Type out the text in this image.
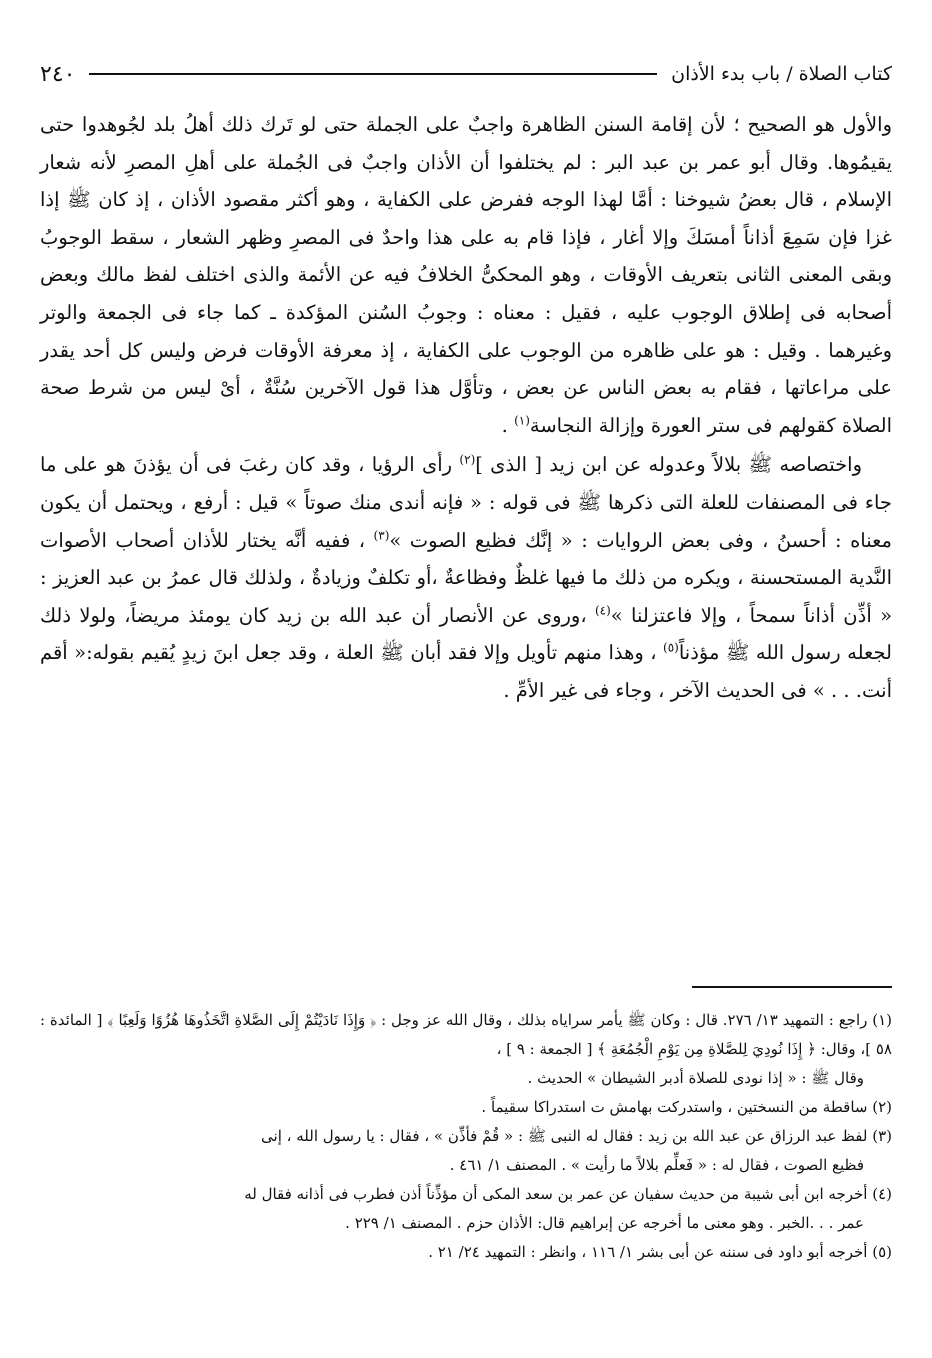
كتاب الصلاة / باب بدء الأذان
٢٤٠

والأول هو الصحيح ؛ لأن إقامة السنن الظاهرة واجبٌ على الجملة حتى لو تَرك ذلك أهلُ بلد لجُوهدوا حتى يقيمُوها. وقال أبو عمر بن عبد البر : لم يختلفوا أن الأذان واجبٌ فى الجُملة على أهلِ المصرِ لأنه شعار الإسلام ، قال بعضُ شيوخنا : أمَّا لهذا الوجه ففرض على الكفاية ، وهو أكثر مقصود الأذان ، إذ كان ﷺ إذا غزا فإن سَمِعَ أذاناً أمسَكَ وإلا أغار ، فإذا قام به على هذا واحدٌ فى المصرِ وظهر الشعار ، سقط الوجوبُ وبقى المعنى الثانى بتعريف الأوقات ، وهو المحكىُّ الخلافُ فيه عن الأئمة والذى اختلف لفظ مالك وبعض أصحابه فى إطلاق الوجوب عليه ، فقيل : معناه : وجوبُ السُنن المؤكدة ـ كما جاء فى الجمعة والوتر وغيرهما . وقيل : هو على ظاهره من الوجوب على الكفاية ، إذ معرفة الأوقات فرض وليس كل أحد يقدر على مراعاتها ، فقام به بعض الناس عن بعض ، وتأوَّل هذا قول الآخرين سُنَّةٌ ، أىْ ليس من شرط صحة الصلاة كقولهم فى ستر العورة وإزالة النجاسة$^{(١)}$ .

واختصاصه ﷺ بلالاً وعدوله عن ابن زيد [ الذى ]$^{(٢)}$ رأى الرؤيا ، وقد كان رغبَ فى أن يؤذنَ هو على ما جاء فى المصنفات للعلة التى ذكرها ﷺ فى قوله : « فإنه أندى منك صوتاً » قيل : أرفع ، ويحتمل أن يكون معناه : أحسنُ ، وفى بعض الروايات : « إنَّك فظيع الصوت »$^{(٣)}$ ، ففيه أنَّه يختار للأذان أصحاب الأصوات النَّدية المستحسنة ، ويكره من ذلك ما فيها غلظٌ وفظاعةٌ ،أو تكلفٌ وزيادةٌ ، ولذلك قال عمرُ بن عبد العزيز : « أذِّن أذاناً سمحاً ، وإلا فاعتزلنا »$^{(٤)}$ ،وروى عن الأنصار أن عبد الله بن زيد كان يومئذ مريضاً، ولولا ذلك لجعله رسول الله ﷺ مؤذناً$^{(٥)}$ ، وهذا منهم تأويل وإلا فقد أبان ﷺ العلة ، وقد جعل ابنَ زيدٍ يُقيم بقوله:« أقم أنت. . . » فى الحديث الآخر ، وجاء فى غير الأمِّ .

(١) راجع : التمهيد ١٣/ ٢٧٦. قال : وكان ﷺ يأمر سراياه بذلك ، وقال الله عز وجل : ﴿ وَإِذَا نَادَيْتُمْ إِلَى الصَّلاةِ اتَّخَذُوهَا هُزُوًا وَلَعِبًا ﴾ [ المائدة : ٥٨ ]، وقال: ﴿ إِذَا نُودِيَ لِلصَّلاةِ مِن يَوْمِ الْجُمُعَةِ ﴾ [ الجمعة : ٩ ] ،
وقال ﷺ : « إذا نودى للصلاة أدبر الشيطان » الحديث .

(٢) ساقطة من النسختين ، واستدركت بهامش ت استدراكا سقيماً .

(٣) لفظ عبد الرزاق عن عبد الله بن زيد : فقال له النبى ﷺ : « قُمْ فأذِّن » ، فقال : يا رسول الله ، إنى
فظيع الصوت ، فقال له : « فَعلِّم بلالاً ما رأيت » . المصنف ١/ ٤٦١ .

(٤) أخرجه ابن أبى شيبة من حديث سفيان عن عمر بن سعد المكى أن مؤذِّناً أذن فطرب فى أذانه فقال له
عمر . . .الخبر . وهو معنى ما أخرجه عن إبراهيم قال: الأذان حزم . المصنف ١/ ٢٢٩ .

(٥) أخرجه أبو داود فى سننه عن أبى بشر ١/ ١١٦ ، وانظر : التمهيد ٢٤/ ٢١ .
